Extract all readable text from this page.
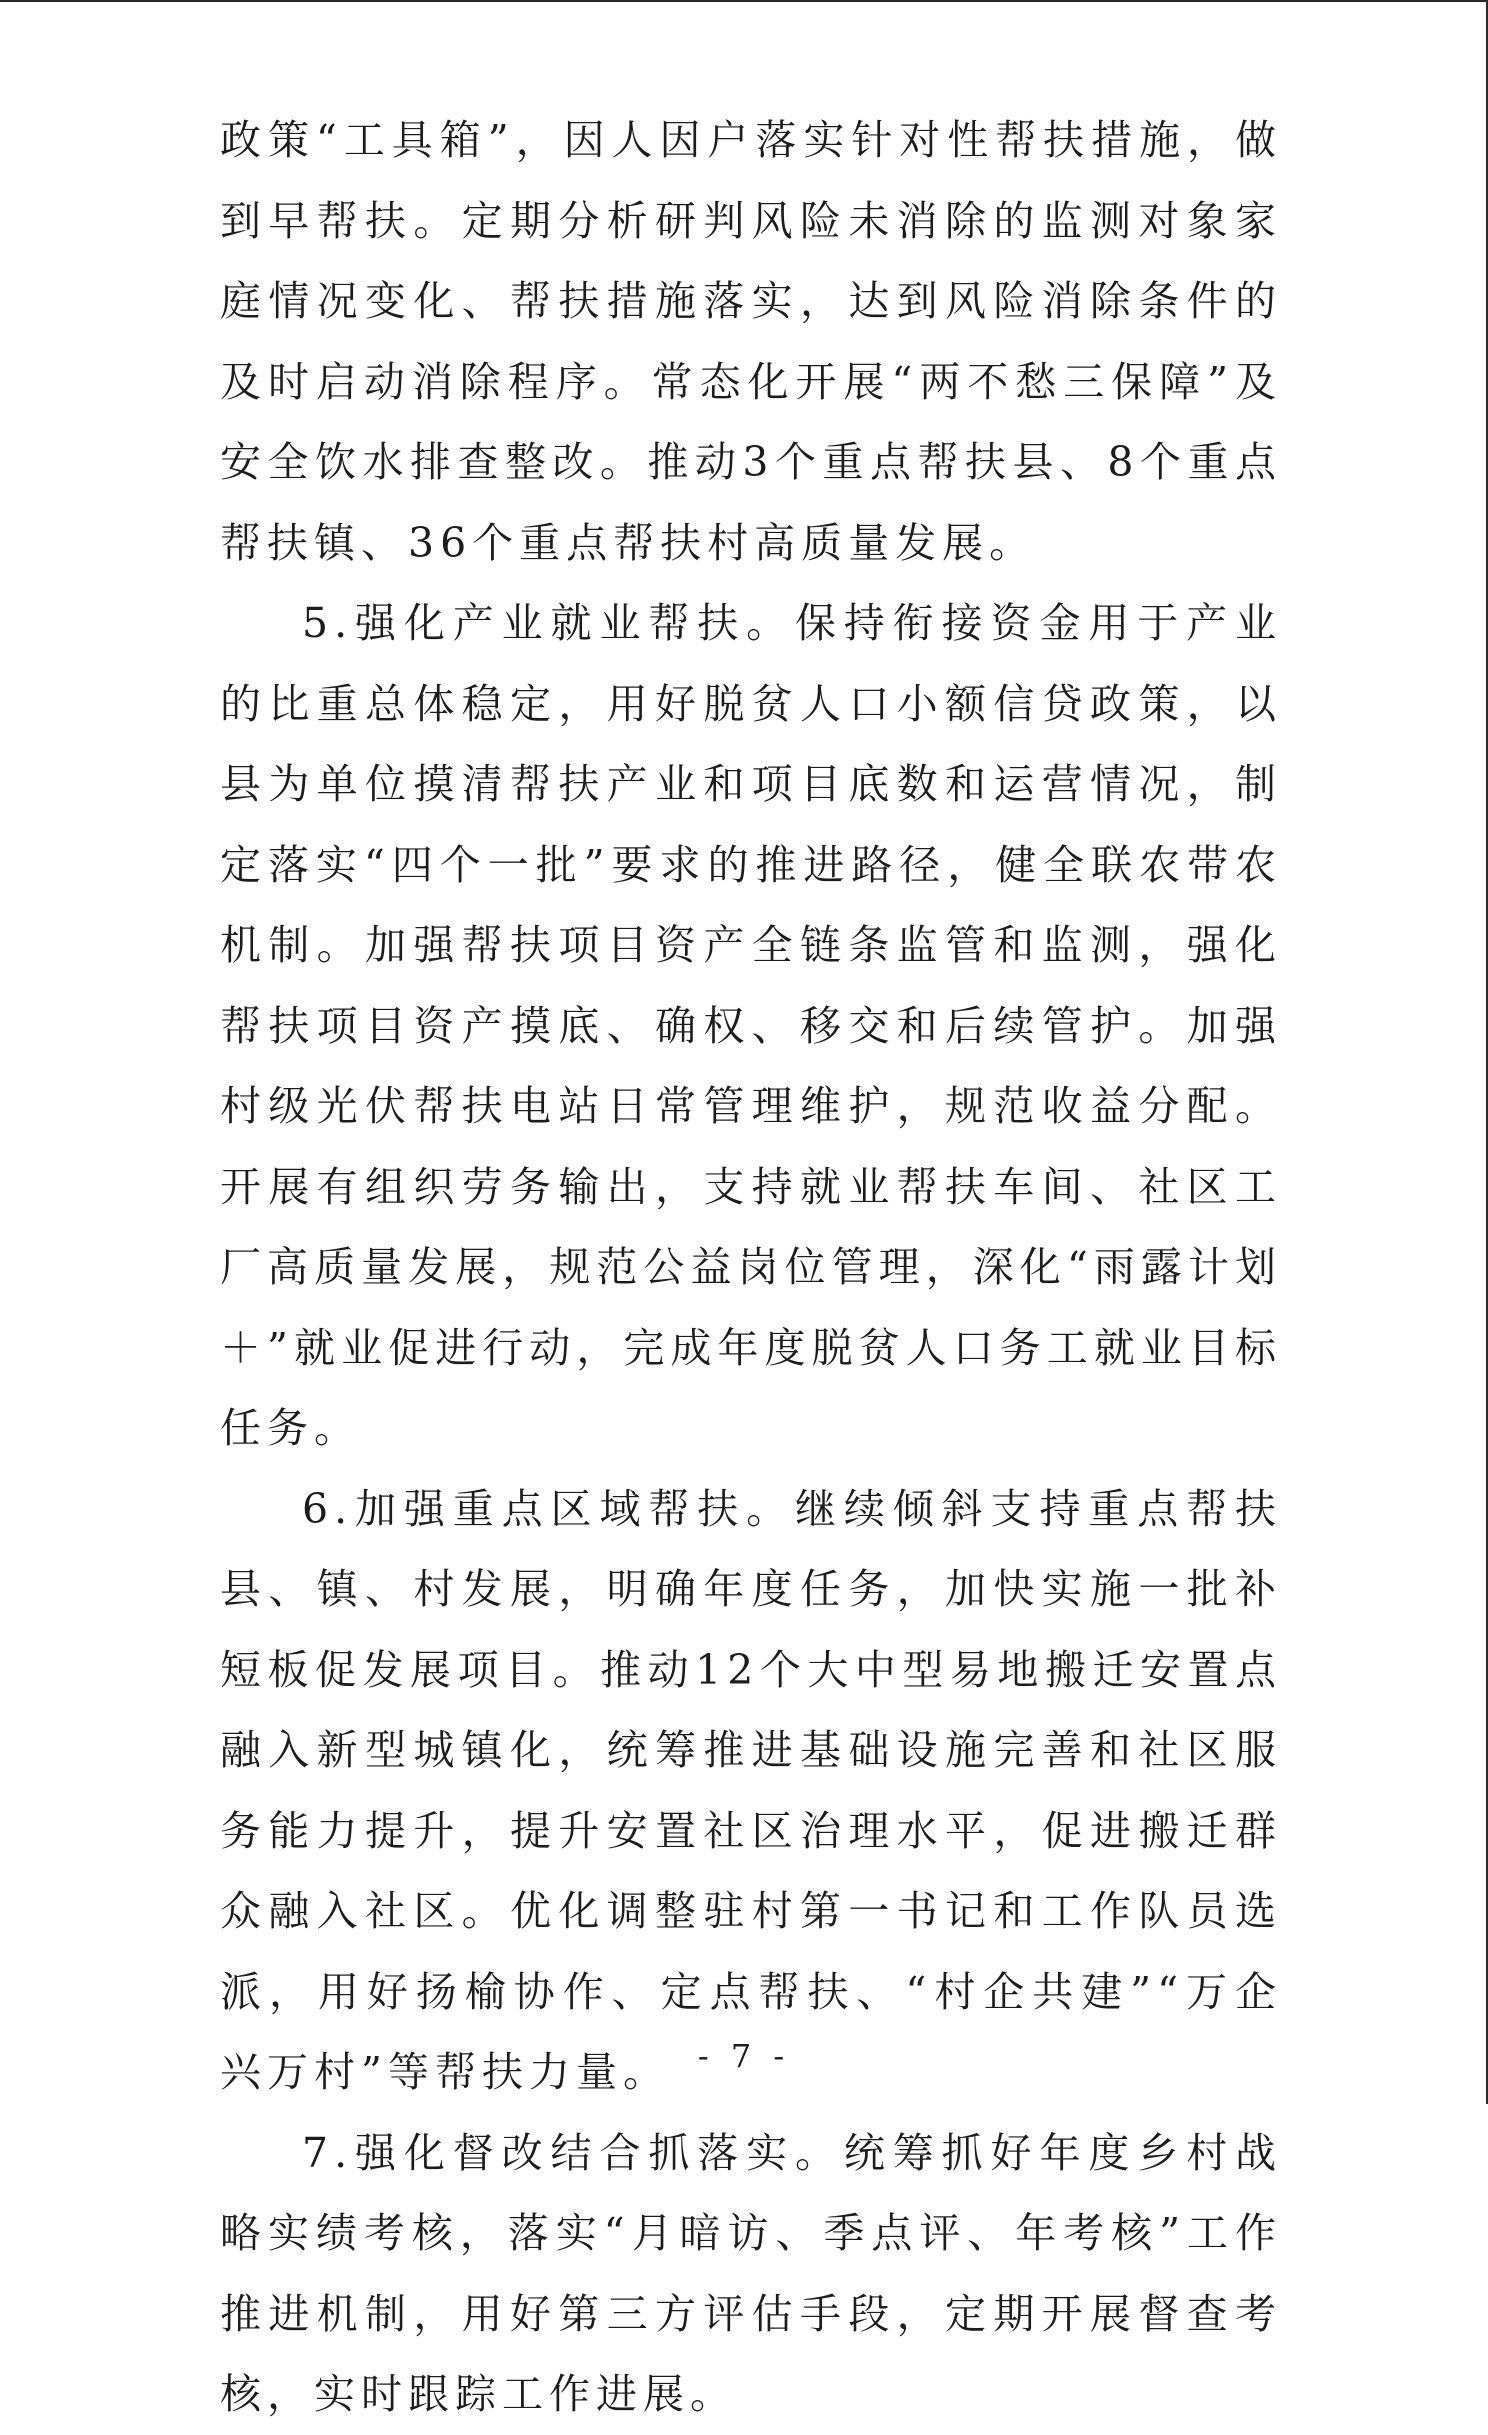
政策“工具箱”，因人因户落实针对性帮扶措施，做到早帮扶。定期分析研判风险未消除的监测对象家庭情况变化、帮扶措施落实，达到风险消除条件的及时启动消除程序。常态化开展“两不愁三保障”及安全饮水排查整改。推动3个重点帮扶县、8个重点帮扶镇、36个重点帮扶村高质量发展。

5.强化产业就业帮扶。保持衔接资金用于产业的比重总体稳定，用好脱贫人口小额信贷政策，以县为单位摸清帮扶产业和项目底数和运营情况，制定落实“四个一批”要求的推进路径，健全联农带农机制。加强帮扶项目资产全链条监管和监测，强化帮扶项目资产摸底、确权、移交和后续管护。加强村级光伏帮扶电站日常管理维护，规范收益分配。开展有组织劳务输出，支持就业帮扶车间、社区工厂高质量发展，规范公益岗位管理，深化“雨露计划＋”就业促进行动，完成年度脱贫人口务工就业目标任务。

6.加强重点区域帮扶。继续倾斜支持重点帮扶县、镇、村发展，明确年度任务，加快实施一批补短板促发展项目。推动12个大中型易地搬迁安置点融入新型城镇化，统筹推进基础设施完善和社区服务能力提升，提升安置社区治理水平，促进搬迁群众融入社区。优化调整驻村第一书记和工作队员选派，用好扬榆协作、定点帮扶、“村企共建”“万企兴万村”等帮扶力量。

7.强化督改结合抓落实。统筹抓好年度乡村战略实绩考核，落实“月暗访、季点评、年考核”工作推进机制，用好第三方评估手段，定期开展督查考核，实时跟踪工作进展。

- 7 -
